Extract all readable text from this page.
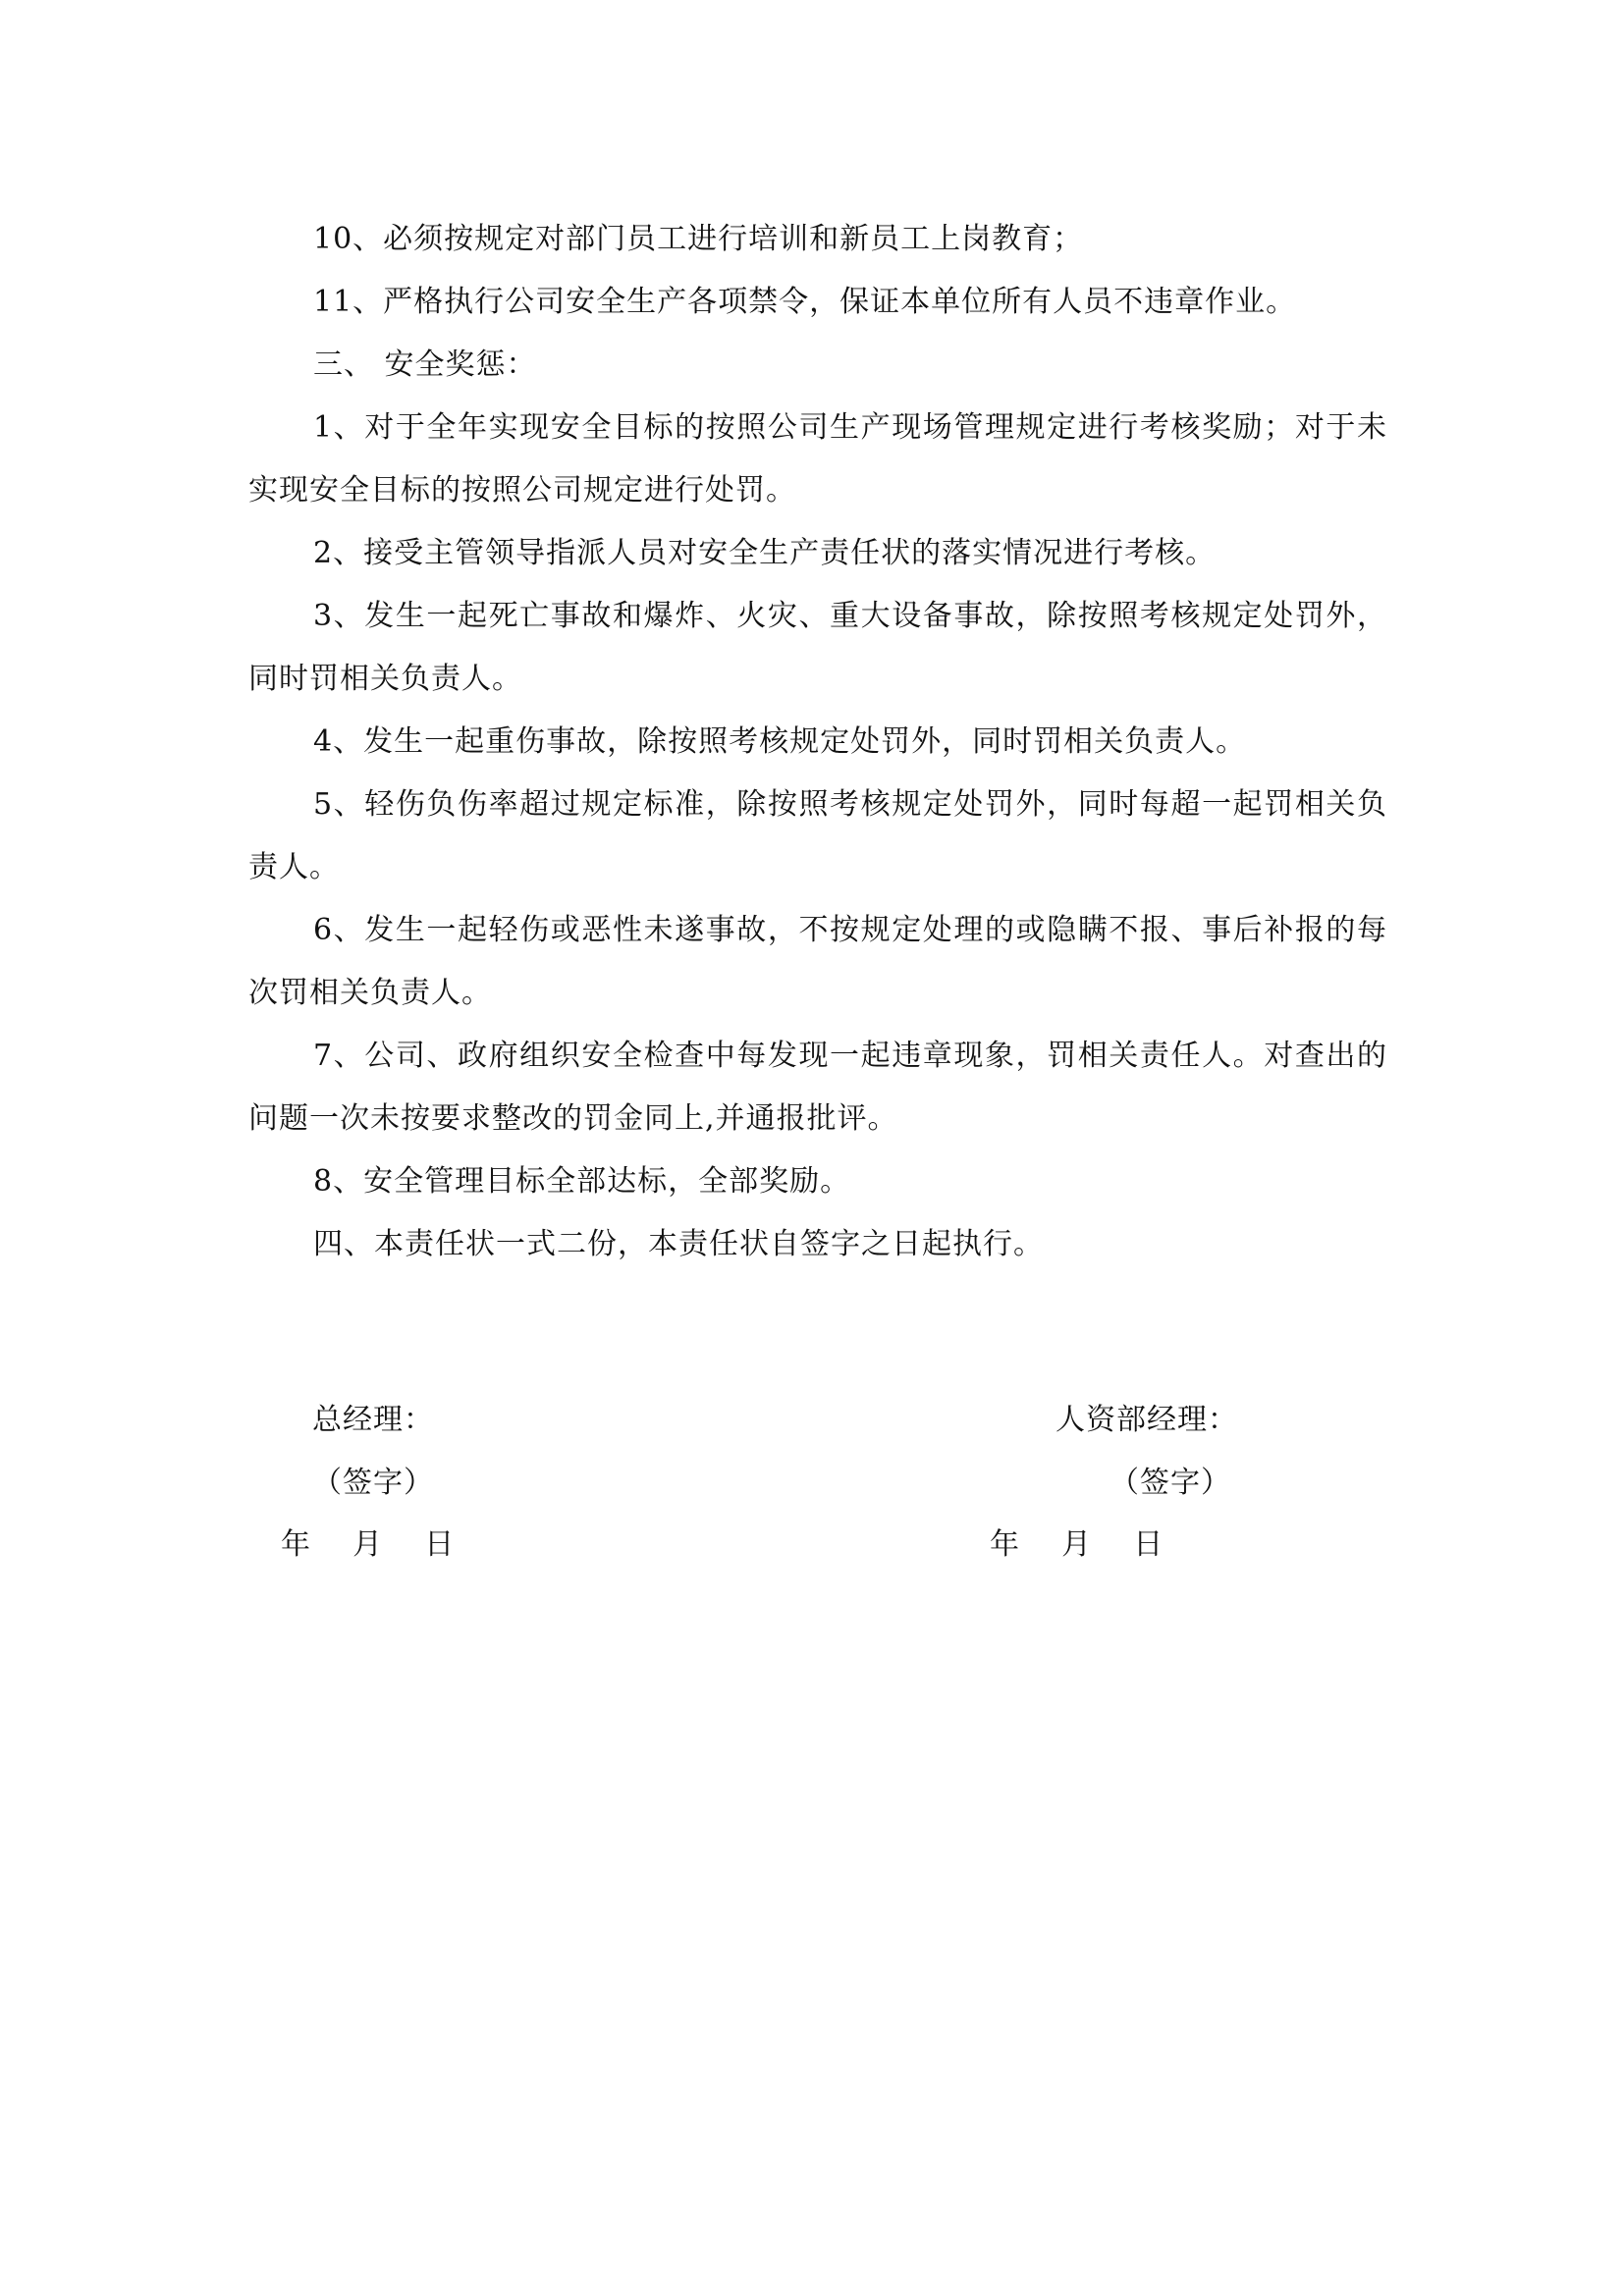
10、必须按规定对部门员工进行培训和新员工上岗教育；

11、严格执行公司安全生产各项禁令，保证本单位所有人员不违章作业。

三、 安全奖惩：

1、对于全年实现安全目标的按照公司生产现场管理规定进行考核奖励；对于未实现安全目标的按照公司规定进行处罚。

2、接受主管领导指派人员对安全生产责任状的落实情况进行考核。

3、发生一起死亡事故和爆炸、火灾、重大设备事故，除按照考核规定处罚外，同时罚相关负责人。

4、发生一起重伤事故，除按照考核规定处罚外，同时罚相关负责人。

5、轻伤负伤率超过规定标准，除按照考核规定处罚外，同时每超一起罚相关负责人。

6、发生一起轻伤或恶性未遂事故，不按规定处理的或隐瞒不报、事后补报的每次罚相关负责人。

7、公司、政府组织安全检查中每发现一起违章现象，罚相关责任人。对查出的问题一次未按要求整改的罚金同上,并通报批评。

8、安全管理目标全部达标，全部奖励。

四、本责任状一式二份，本责任状自签字之日起执行。

总经理：
（签字）
年    月    日
人资部经理：
（签字）
年    月    日
